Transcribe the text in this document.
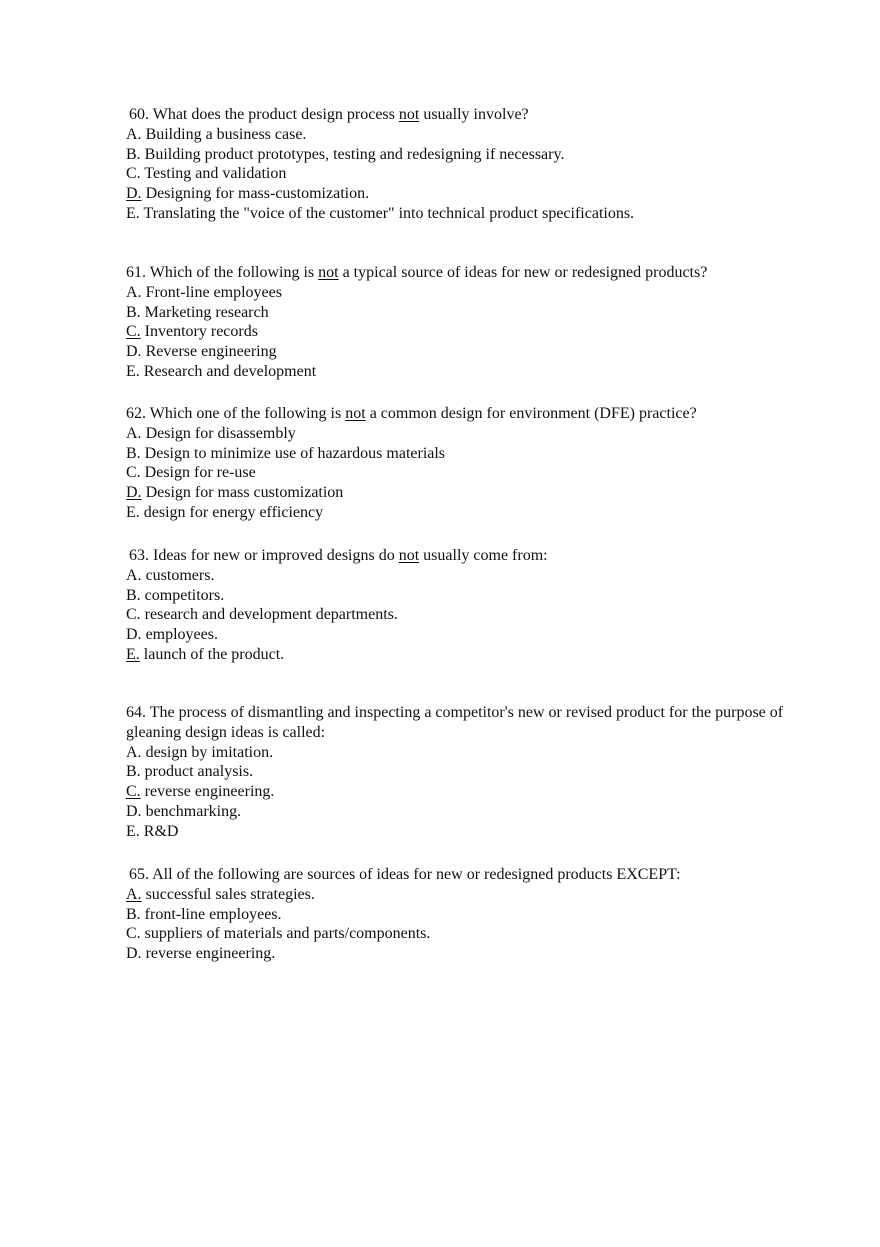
60. What does the product design process not usually involve?

A. Building a business case.

B. Building product prototypes, testing and redesigning if necessary.

C. Testing and validation

D. Designing for mass-customization.

E. Translating the "voice of the customer" into technical product specifications.

61. Which of the following is not a typical source of ideas for new or redesigned products?

A. Front-line employees

B. Marketing research

C. Inventory records

D. Reverse engineering

E. Research and development

62. Which one of the following is not a common design for environment (DFE) practice?

A. Design for disassembly

B. Design to minimize use of hazardous materials

C. Design for re-use

D. Design for mass customization

E. design for energy efficiency

63. Ideas for new or improved designs do not usually come from:

A. customers.

B. competitors.

C. research and development departments.

D. employees.

E. launch of the product.

64. The process of dismantling and inspecting a competitor's new or revised product for the purpose of gleaning design ideas is called:

A. design by imitation.

B. product analysis.

C. reverse engineering.

D. benchmarking.

E. R&D

65. All of the following are sources of ideas for new or redesigned products EXCEPT:

A. successful sales strategies.

B. front-line employees.

C. suppliers of materials and parts/components.

D. reverse engineering.
